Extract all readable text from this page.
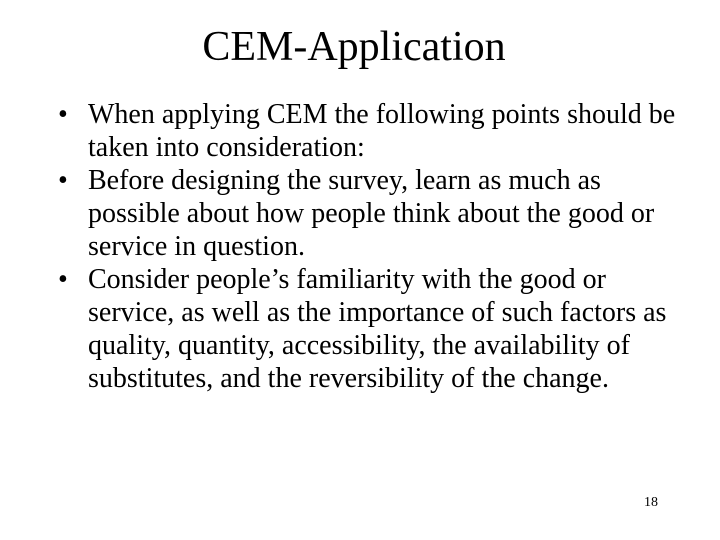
CEM-Application
• When applying CEM the following points should be taken into consideration:
• Before designing the survey, learn as much as possible about how people think about the good or service in question.
• Consider people’s familiarity with the good or service, as well as the importance of such factors as quality, quantity, accessibility, the availability of substitutes, and the reversibility of the change.
18
